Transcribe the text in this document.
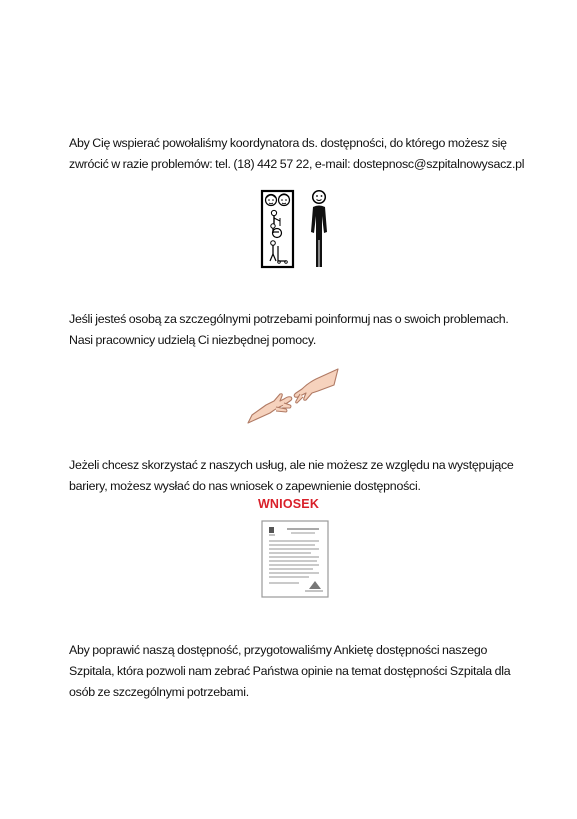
Aby Cię wspierać powołaliśmy koordynatora ds. dostępności, do którego możesz się
zwrócić w razie problemów: tel. (18) 442 57 22, e-mail: dostepnosc@szpitalnowysacz.pl
Jeśli jesteś osobą za szczególnymi potrzebami poinformuj nas o swoich problemach.
Nasi pracownicy udzielą Ci niezbędnej pomocy.
Jeżeli chcesz skorzystać z naszych usług, ale nie możesz ze względu na występujące
bariery, możesz wysłać do nas wniosek o zapewnienie dostępności.
WNIOSEK
Aby poprawić naszą dostępność, przygotowaliśmy Ankietę dostępności naszego
Szpitala, która pozwoli nam zebrać Państwa opinie na temat dostępności Szpitala dla
osób ze szczególnymi potrzebami.
